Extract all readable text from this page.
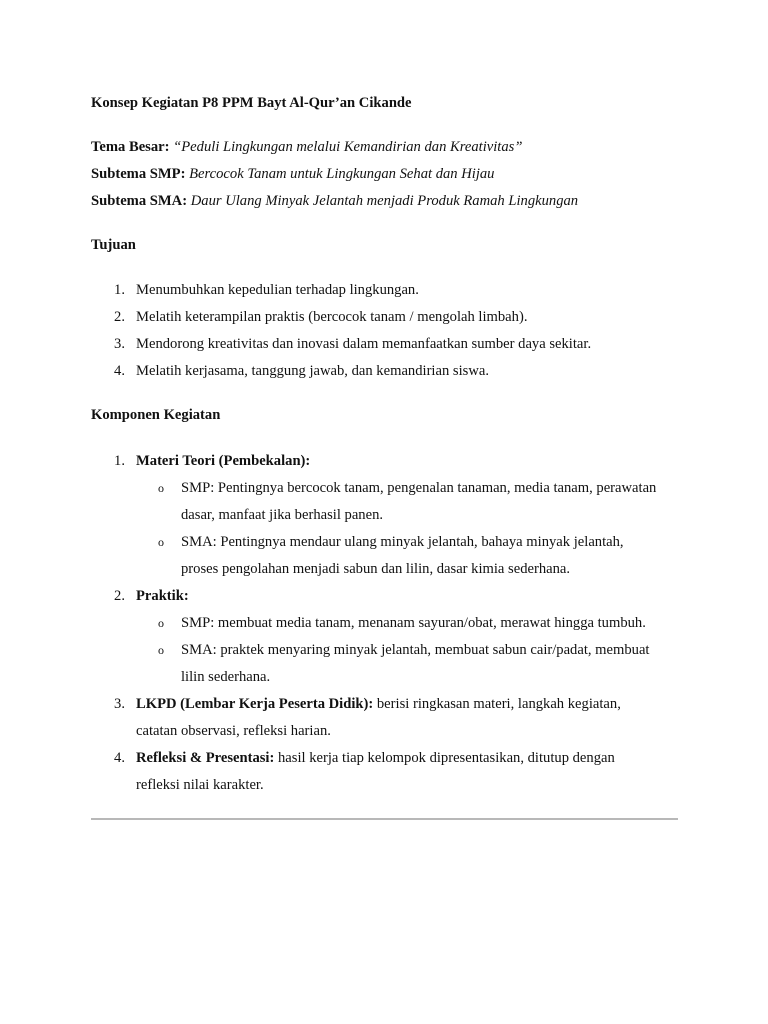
Konsep Kegiatan P8 PPM Bayt Al-Qur’an Cikande
Tema Besar: “Peduli Lingkungan melalui Kemandirian dan Kreativitas”
Subtema SMP: Bercocok Tanam untuk Lingkungan Sehat dan Hijau
Subtema SMA: Daur Ulang Minyak Jelantah menjadi Produk Ramah Lingkungan
Tujuan
1. Menumbuhkan kepedulian terhadap lingkungan.
2. Melatih keterampilan praktis (bercocok tanam / mengolah limbah).
3. Mendorong kreativitas dan inovasi dalam memanfaatkan sumber daya sekitar.
4. Melatih kerjasama, tanggung jawab, dan kemandirian siswa.
Komponen Kegiatan
1. Materi Teori (Pembekalan):
o SMP: Pentingnya bercocok tanam, pengenalan tanaman, media tanam, perawatan
dasar, manfaat jika berhasil panen.
o SMA: Pentingnya mendaur ulang minyak jelantah, bahaya minyak jelantah,
proses pengolahan menjadi sabun dan lilin, dasar kimia sederhana.
2. Praktik:
o SMP: membuat media tanam, menanam sayuran/obat, merawat hingga tumbuh.
o SMA: praktek menyaring minyak jelantah, membuat sabun cair/padat, membuat
lilin sederhana.
3. LKPD (Lembar Kerja Peserta Didik): berisi ringkasan materi, langkah kegiatan,
catatan observasi, refleksi harian.
4. Refleksi & Presentasi: hasil kerja tiap kelompok dipresentasikan, ditutup dengan
refleksi nilai karakter.
